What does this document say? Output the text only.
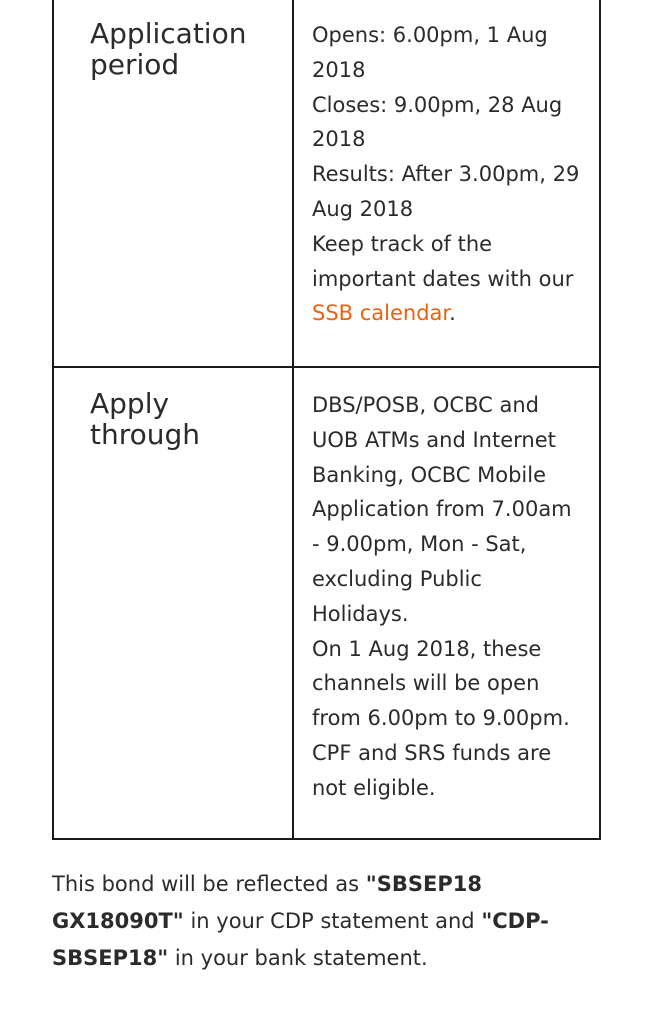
Application period	Opens: 6.00pm, 1 Aug 2018

Closes: 9.00pm, 28 Aug 2018

Results: After 3.00pm, 29 Aug 2018

Keep track of the important dates with our SSB calendar.

Apply through	DBS/POSB, OCBC and UOB ATMs and Internet Banking, OCBC Mobile Application from 7.00am - 9.00pm, Mon - Sat, excluding Public Holidays.

On 1 Aug 2018, these channels will be open from 6.00pm to 9.00pm. CPF and SRS funds are not eligible.

This bond will be reflected as "SBSEP18 GX18090T" in your CDP statement and "CDP-SBSEP18" in your bank statement.
